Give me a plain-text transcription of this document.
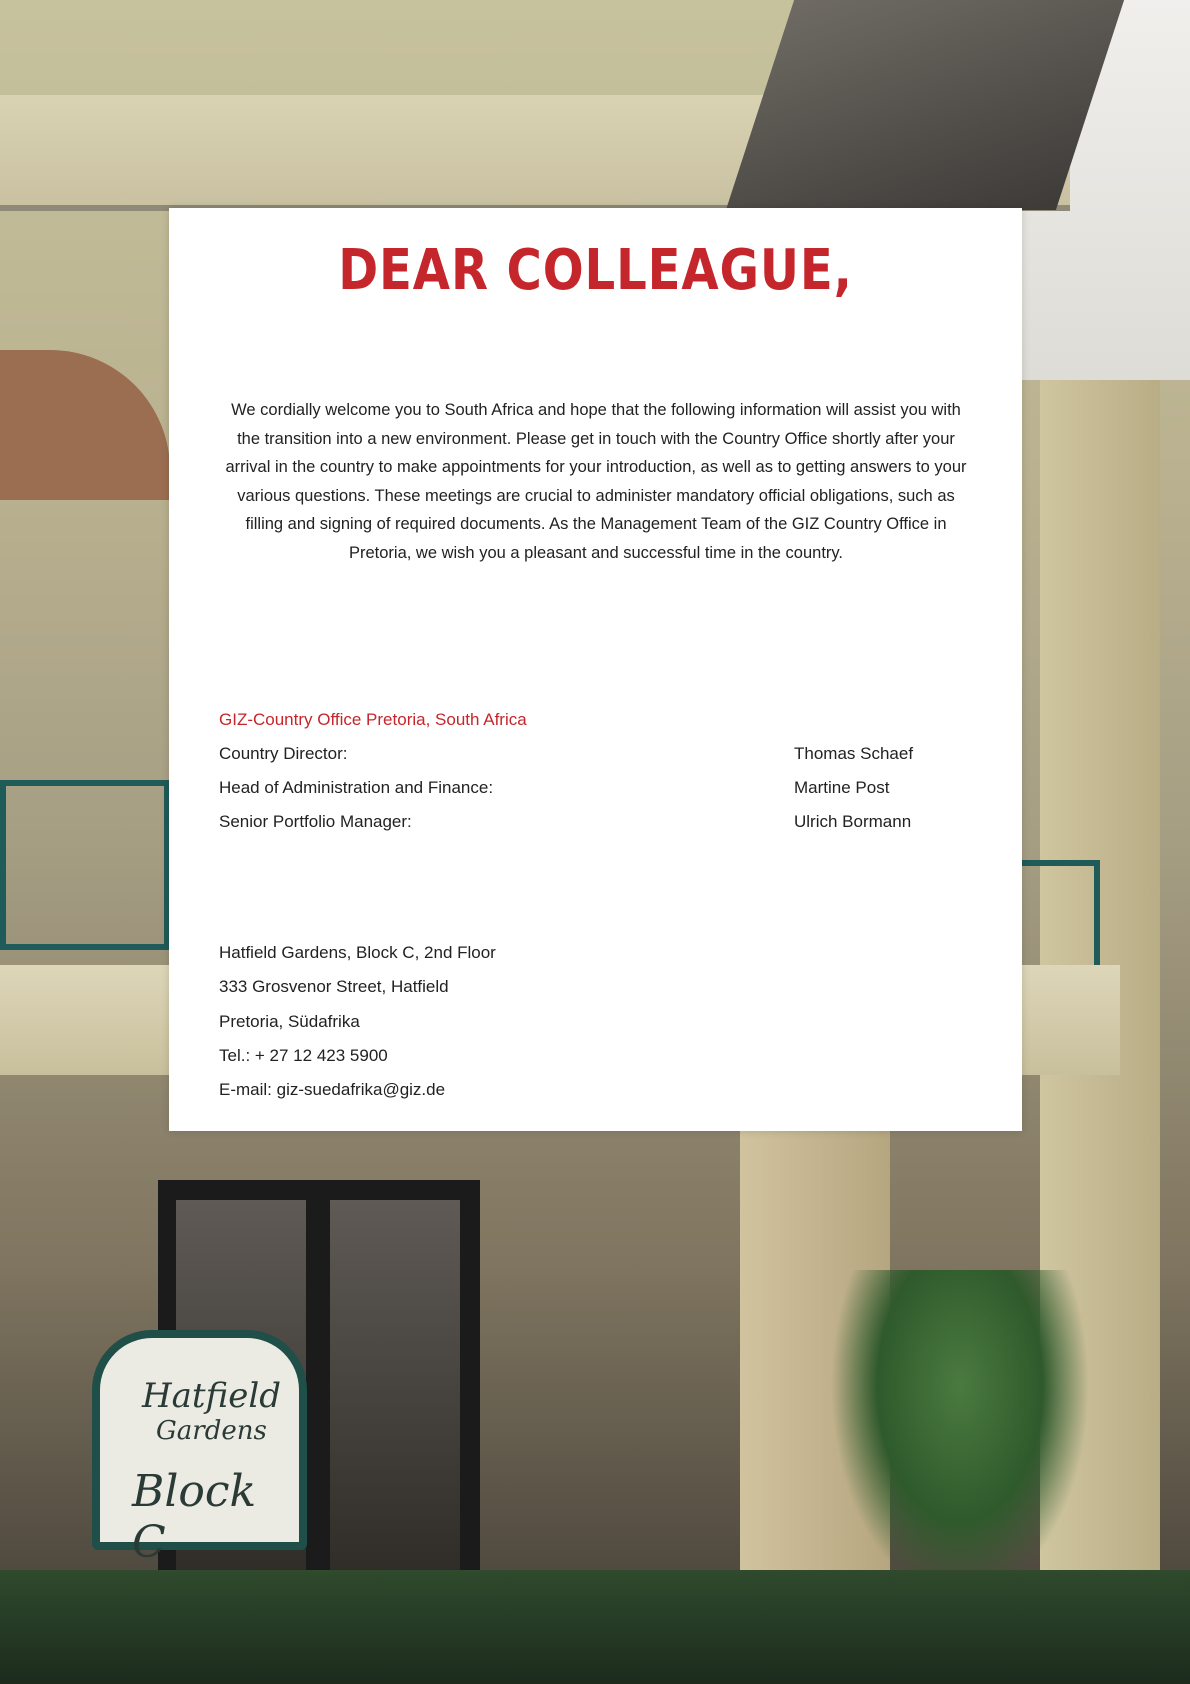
Hatfield
Gardens
Block C
DEAR COLLEAGUE,
We cordially welcome you to South Africa and hope that the following information will assist you with the transition into a new environment. Please get in touch with the Country Office shortly after your arrival in the country to make appointments for your introduction, as well as to getting answers to your various questions. These meetings are crucial to administer mandatory official obligations, such as filling and signing of required documents. As the Management Team of the GIZ Country Office in Pretoria, we wish you a pleasant and successful time in the country.
GIZ-Country Office Pretoria, South Africa
Country Director:	Thomas Schaef
Head of Administration and Finance:	Martine Post
Senior Portfolio Manager:	Ulrich Bormann
Hatfield Gardens, Block C, 2nd Floor
333 Grosvenor Street, Hatfield
Pretoria, Südafrika
Tel.: + 27 12 423 5900
E-mail: giz-suedafrika@giz.de
